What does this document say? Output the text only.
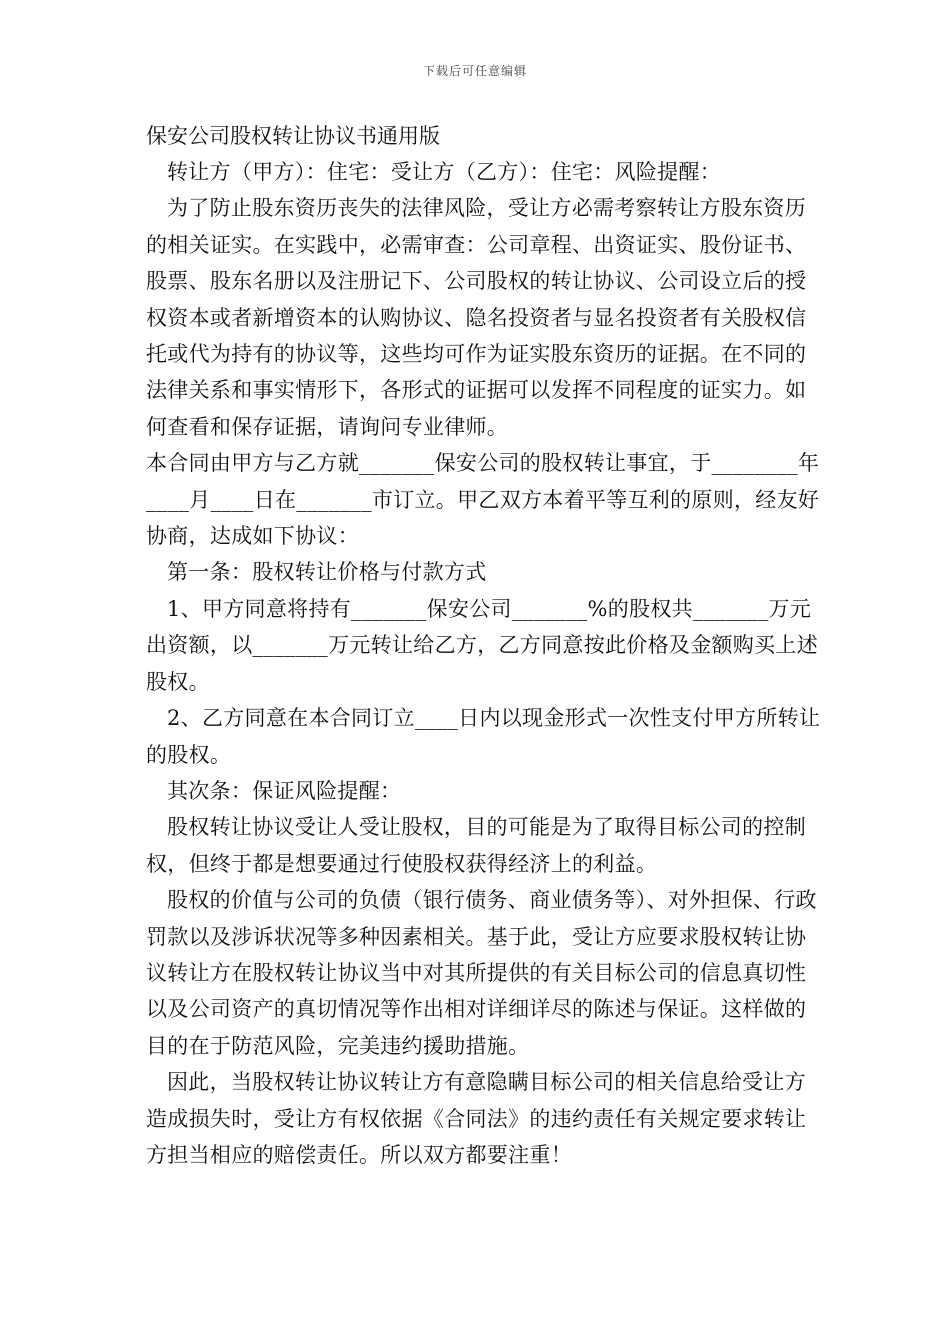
下载后可任意编辑
保安公司股权转让协议书通用版

转让方（甲方）：住宅：受让方（乙方）：住宅：风险提醒：

为了防止股东资历丧失的法律风险，受让方必需考察转让方股东资历的相关证实。在实践中，必需审查：公司章程、出资证实、股份证书、股票、股东名册以及注册记下、公司股权的转让协议、公司设立后的授权资本或者新增资本的认购协议、隐名投资者与显名投资者有关股权信托或代为持有的协议等，这些均可作为证实股东资历的证据。在不同的法律关系和事实情形下，各形式的证据可以发挥不同程度的证实力。如何查看和保存证据，请询问专业律师。

本合同由甲方与乙方就_______保安公司的股权转让事宜，于________年____月____日在_______市订立。甲乙双方本着平等互利的原则，经友好协商，达成如下协议：

第一条：股权转让价格与付款方式

1、甲方同意将持有_______保安公司_______%的股权共_______万元出资额，以_______万元转让给乙方，乙方同意按此价格及金额购买上述股权。

2、乙方同意在本合同订立____日内以现金形式一次性支付甲方所转让的股权。

其次条：保证风险提醒：

股权转让协议受让人受让股权，目的可能是为了取得目标公司的控制权，但终于都是想要通过行使股权获得经济上的利益。

股权的价值与公司的负债（银行债务、商业债务等）、对外担保、行政罚款以及涉诉状况等多种因素相关。基于此，受让方应要求股权转让协议转让方在股权转让协议当中对其所提供的有关目标公司的信息真切性以及公司资产的真切情况等作出相对详细详尽的陈述与保证。这样做的目的在于防范风险，完美违约援助措施。

因此，当股权转让协议转让方有意隐瞒目标公司的相关信息给受让方造成损失时，受让方有权依据《合同法》的违约责任有关规定要求转让方担当相应的赔偿责任。所以双方都要注重！
